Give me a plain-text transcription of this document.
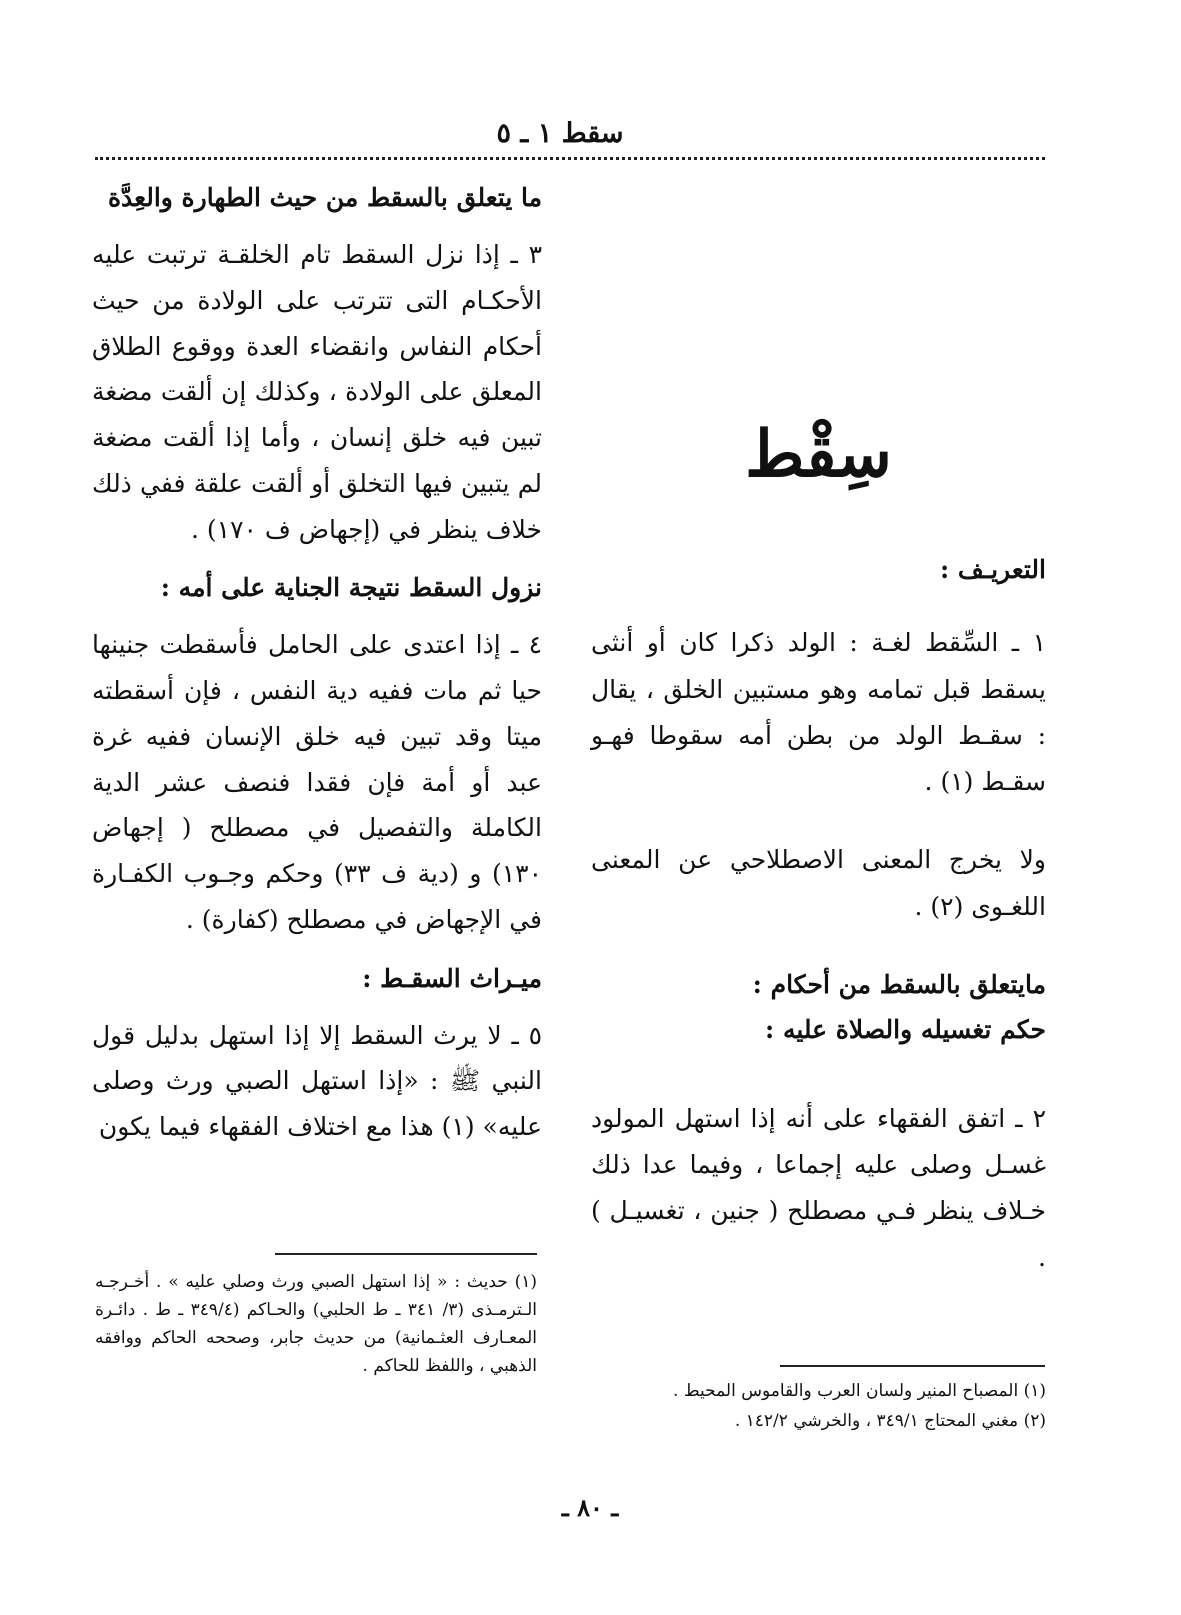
سقط ١ ـ ٥
سِقْط

التعريـف :

١ ـ السِّقط لغـة : الولد ذكرا كان أو أنثى يسقط قبل تمامه وهو مستبين الخلق ، يقال : سقـط الولد من بطن أمه سقوطا فهـو سقـط (١) .

ولا يخرج المعنى الاصطلاحي عن المعنى اللغـوى (٢) .

مايتعلق بالسقط من أحكام :

حكم تغسيله والصلاة عليه :

٢ ـ اتفق الفقهاء على أنه إذا استهل المولود غسـل وصلى عليه إجماعا ، وفيما عدا ذلك خـلاف ينظر فـي مصطلح ( جنين ، تغسيـل ) .

ما يتعلق بالسقط من حيث الطهارة والعِدَّة

٣ ـ إذا نزل السقط تام الخلقـة ترتبت عليه الأحكـام التى تترتب على الولادة من حيث أحكام النفاس وانقضاء العدة ووقوع الطلاق المعلق على الولادة ، وكذلك إن ألقت مضغة تبين فيه خلق إنسان ، وأما إذا ألقت مضغة لم يتبين فيها التخلق أو ألقت علقة ففي ذلك خلاف ينظر في (إجهاض ف ١٧٠) .

نزول السقط نتيجة الجناية على أمه :

٤ ـ إذا اعتدى على الحامل فأسقطت جنينها حيا ثم مات ففيه دية النفس ، فإن أسقطته ميتا وقد تبين فيه خلق الإنسان ففيه غرة عبد أو أمة فإن فقدا فنصف عشر الدية الكاملة والتفصيل في مصطلح ( إجهاض ١٣٠) و (دية ف ٣٣) وحكم وجـوب الكفـارة في الإجهاض في مصطلح (كفارة) .

ميـراث السقـط :

٥ ـ لا يرث السقط إلا إذا استهل بدليل قول النبي ﷺ : «إذا استهل الصبي ورث وصلى عليه» (١) هذا مع اختلاف الفقهاء فيما يكون

(١) حديث : « إذا استهل الصبي ورث وصلي عليه » . أخـرجـه الـترمـذى (٣/ ٣٤١ ـ ط الحلبي) والحـاكم (٣٤٩/٤ ـ ط . دائـرة المعـارف العثـمانية) من حديث جابر، وصححه الحاكم ووافقه الذهبي ، واللفظ للحاكم .

(١) المصباح المنير ولسان العرب والقاموس المحيط .

(٢) مغني المحتاج ٣٤٩/١ ، والخرشي ١٤٢/٢ .

ـ ٨٠ ـ
